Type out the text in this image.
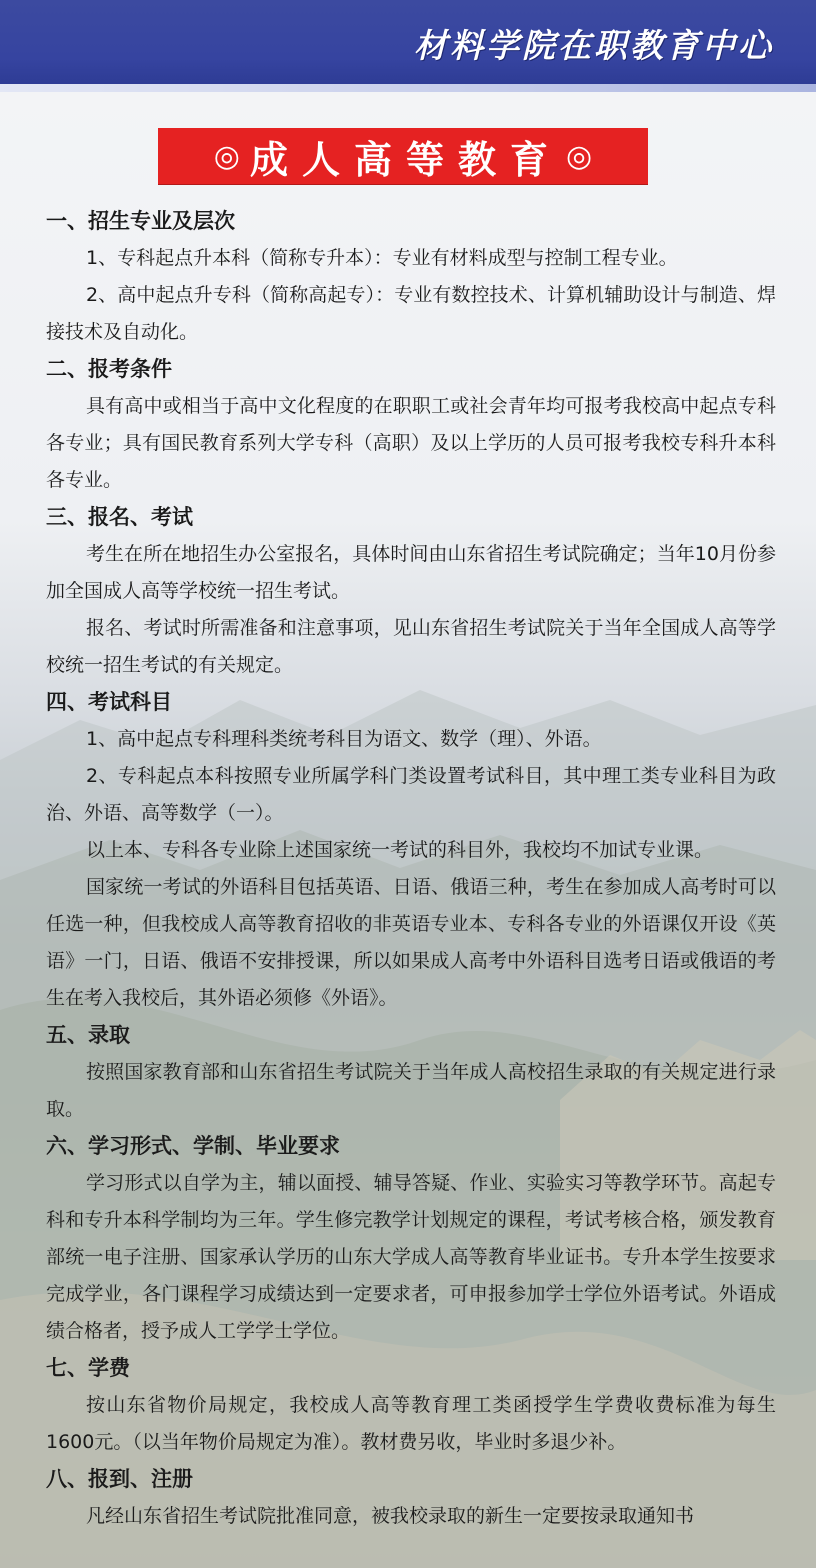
材料学院在职教育中心
◎ 成人高等教育 ◎

一、招生专业及层次

1、专科起点升本科（简称专升本）：专业有材料成型与控制工程专业。

2、高中起点升专科（简称高起专）：专业有数控技术、计算机辅助设计与制造、焊接技术及自动化。

二、报考条件

具有高中或相当于高中文化程度的在职职工或社会青年均可报考我校高中起点专科各专业；具有国民教育系列大学专科（高职）及以上学历的人员可报考我校专科升本科各专业。

三、报名、考试

考生在所在地招生办公室报名，具体时间由山东省招生考试院确定；当年10月份参加全国成人高等学校统一招生考试。

报名、考试时所需准备和注意事项，见山东省招生考试院关于当年全国成人高等学校统一招生考试的有关规定。

四、考试科目

1、高中起点专科理科类统考科目为语文、数学（理）、外语。

2、专科起点本科按照专业所属学科门类设置考试科目，其中理工类专业科目为政治、外语、高等数学（一）。

以上本、专科各专业除上述国家统一考试的科目外，我校均不加试专业课。

国家统一考试的外语科目包括英语、日语、俄语三种，考生在参加成人高考时可以任选一种，但我校成人高等教育招收的非英语专业本、专科各专业的外语课仅开设《英语》一门，日语、俄语不安排授课，所以如果成人高考中外语科目选考日语或俄语的考生在考入我校后，其外语必须修《外语》。

五、录取

按照国家教育部和山东省招生考试院关于当年成人高校招生录取的有关规定进行录取。

六、学习形式、学制、毕业要求

学习形式以自学为主，辅以面授、辅导答疑、作业、实验实习等教学环节。高起专科和专升本科学制均为三年。学生修完教学计划规定的课程，考试考核合格，颁发教育部统一电子注册、国家承认学历的山东大学成人高等教育毕业证书。专升本学生按要求完成学业，各门课程学习成绩达到一定要求者，可申报参加学士学位外语考试。外语成绩合格者，授予成人工学学士学位。

七、学费

按山东省物价局规定，我校成人高等教育理工类函授学生学费收费标准为每生1600元。（以当年物价局规定为准）。教材费另收，毕业时多退少补。

八、报到、注册

凡经山东省招生考试院批准同意，被我校录取的新生一定要按录取通知书
